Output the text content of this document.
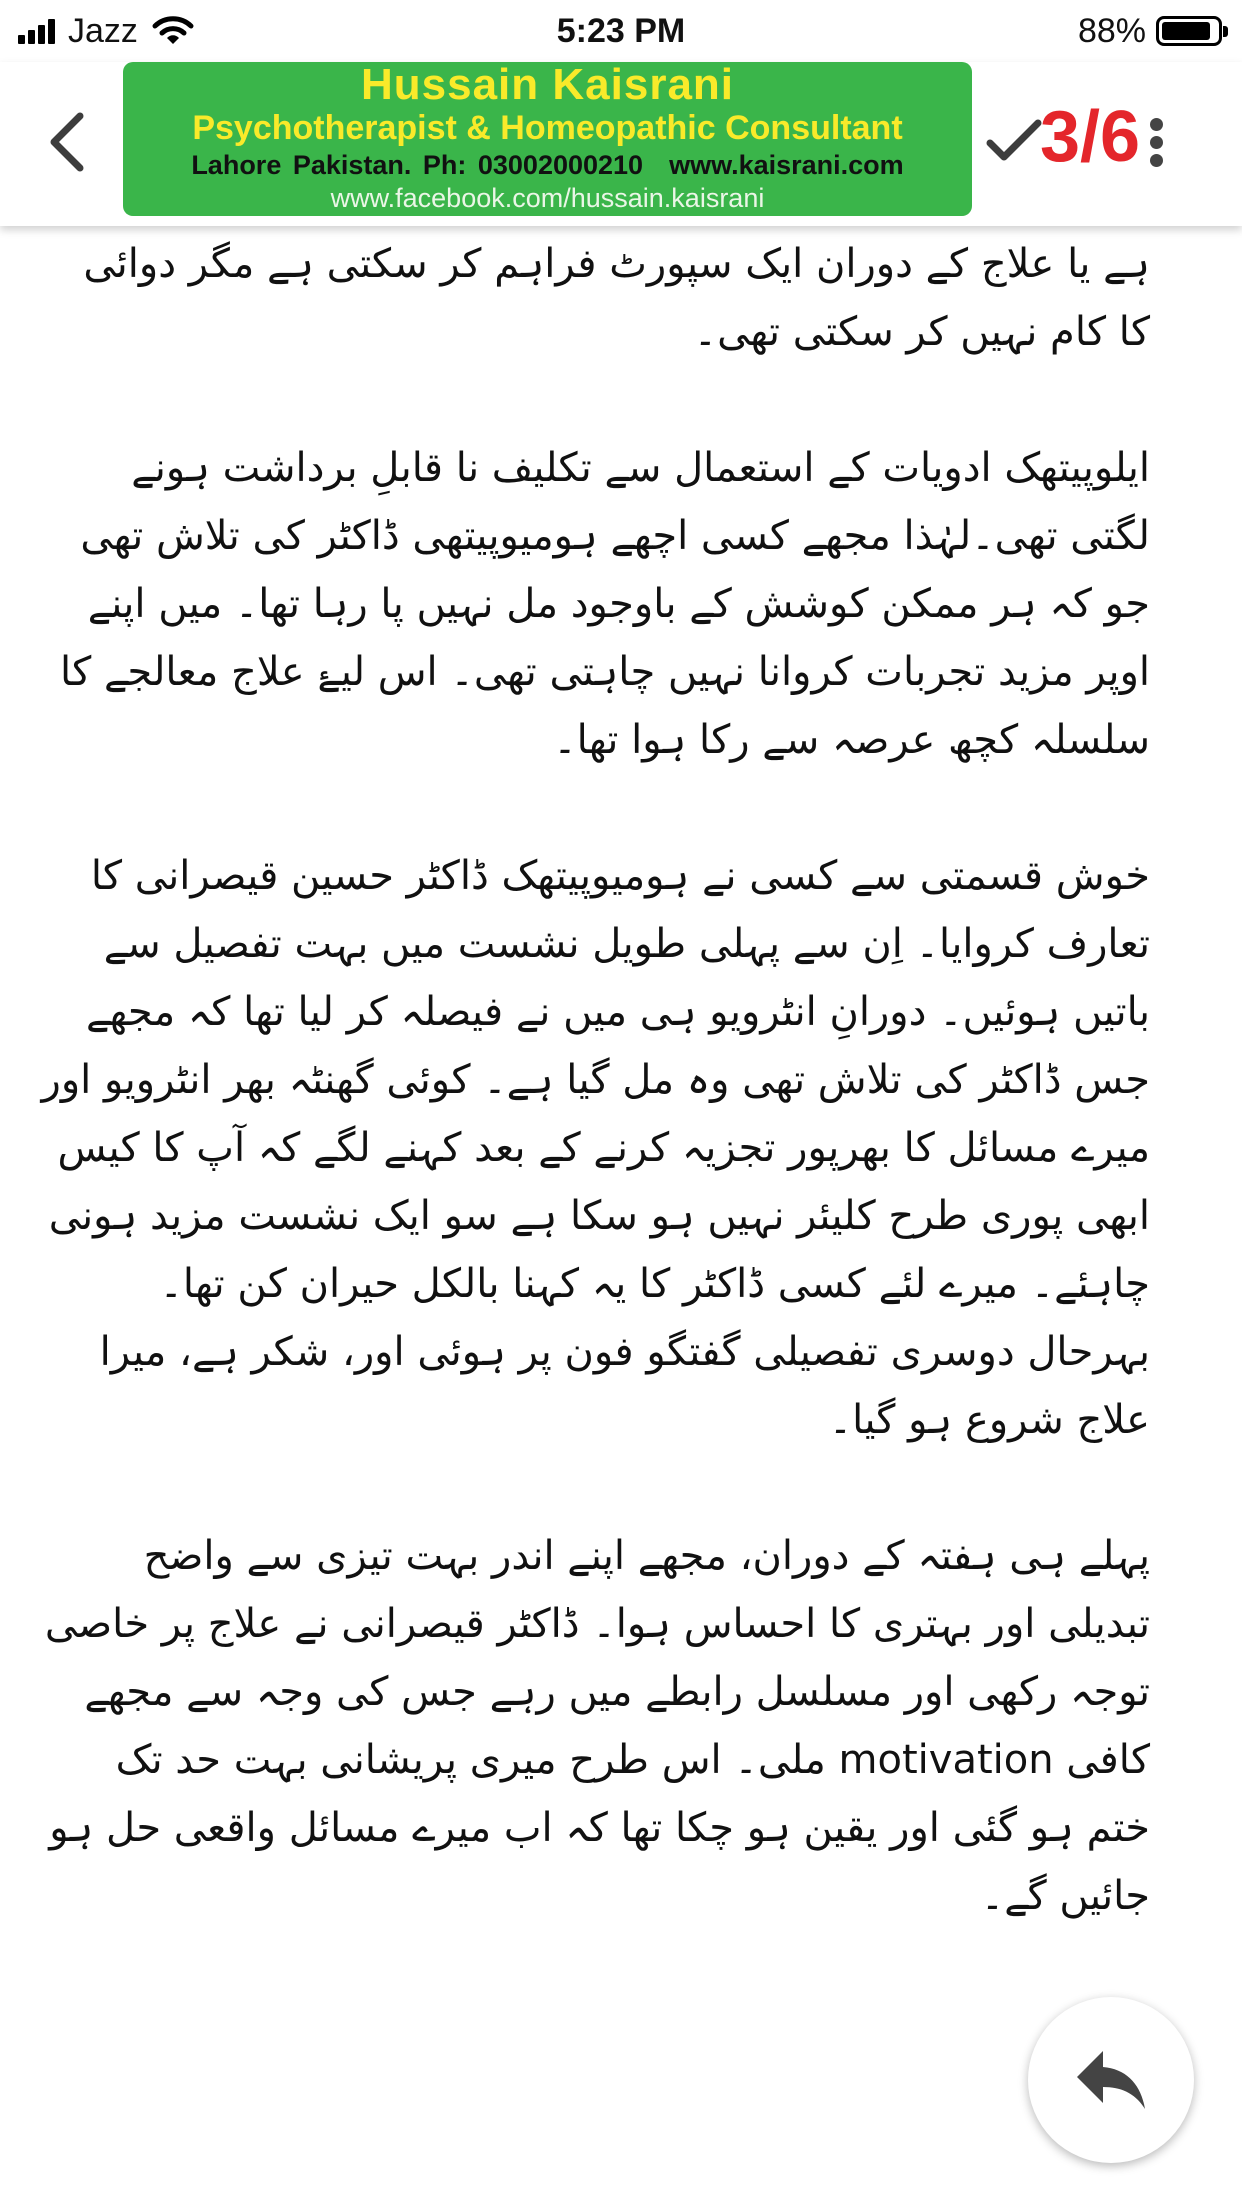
Jazz	5:23 PM	88%
Hussain Kaisrani
Psychotherapist & Homeopathic Consultant
Lahore Pakistan. Ph: 03002000210 www.kaisrani.com
www.facebook.com/hussain.kaisrani
3/6

ہے یا علاج کے دوران ایک سپورٹ فراہم کر سکتی ہے مگر دوائی کا کام نہیں کر سکتی تھی۔

ایلوپیتھک ادویات کے استعمال سے تکلیف نا قابلِ برداشت ہونے لگتی تھی۔لہٰذا مجھے کسی اچھے ہومیوپیتھی ڈاکٹر کی تلاش تھی جو کہ ہر ممکن کوشش کے باوجود مل نہیں پا رہا تھا۔ میں اپنے اوپر مزید تجربات کروانا نہیں چاہتی تھی۔ اس لیۓ علاج معالجے کا سلسلہ کچھ عرصہ سے رکا ہوا تھا۔

خوش قسمتی سے کسی نے ہومیوپیتھک ڈاکٹر حسین قیصرانی کا تعارف کروایا۔ اِن سے پہلی طویل نشست میں بہت تفصیل سے باتیں ہوئیں۔ دورانِ انٹرویو ہی میں نے فیصلہ کر لیا تھا کہ مجھے جس ڈاکٹر کی تلاش تھی وہ مل گیا ہے۔ کوئی گھنٹہ بھر انٹرویو اور میرے مسائل کا بھرپور تجزیہ کرنے کے بعد کہنے لگے کہ آپ کا کیس ابھی پوری طرح کلیئر نہیں ہو سکا ہے سو ایک نشست مزید ہونی چاہئے۔ میرے لئے کسی ڈاکٹر کا یہ کہنا بالکل حیران کن تھا۔ بہرحال دوسری تفصیلی گفتگو فون پر ہوئی اور، شکر ہے، میرا علاج شروع ہو گیا۔

پہلے ہی ہفتہ کے دوران، مجھے اپنے اندر بہت تیزی سے واضح تبدیلی اور بہتری کا احساس ہوا۔ ڈاکٹر قیصرانی نے علاج پر خاصی توجہ رکھی اور مسلسل رابطے میں رہے جس کی وجہ سے مجھے کافی motivation ملی۔ اس طرح میری پریشانی بہت حد تک ختم ہو گئی اور یقین ہو چکا تھا کہ اب میرے مسائل واقعی حل ہو جائیں گے۔
